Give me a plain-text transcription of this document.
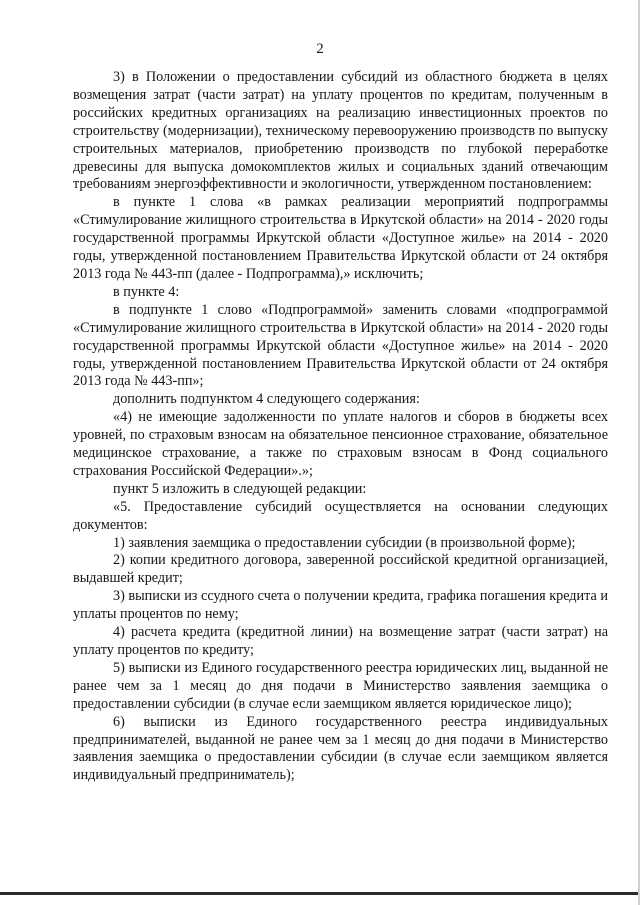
2

3) в Положении о предоставлении субсидий из областного бюджета в целях возмещения затрат (части затрат) на уплату процентов по кредитам, полученным в российских кредитных организациях на реализацию инвестиционных проектов по строительству (модернизации), техническому перевооружению производств по выпуску строительных материалов, приобретению производств по глубокой переработке древесины для выпуска домокомплектов жилых и социальных зданий отвечающим требованиям энергоэффективности и экологичности, утвержденном постановлением:

в пункте 1 слова «в рамках реализации мероприятий подпрограммы «Стимулирование жилищного строительства в Иркутской области» на 2014 - 2020 годы государственной программы Иркутской области «Доступное жилье» на 2014 - 2020 годы, утвержденной постановлением Правительства Иркутской области от 24 октября 2013 года № 443-пп (далее - Подпрограмма),» исключить;

в пункте 4:

в подпункте 1 слово «Подпрограммой» заменить словами «подпрограммой «Стимулирование жилищного строительства в Иркутской области» на 2014 - 2020 годы государственной программы Иркутской области «Доступное жилье» на 2014 - 2020 годы, утвержденной постановлением Правительства Иркутской области от 24 октября 2013 года № 443-пп»;

дополнить подпунктом 4 следующего содержания:

«4) не имеющие задолженности по уплате налогов и сборов в бюджеты всех уровней, по страховым взносам на обязательное пенсионное страхование, обязательное медицинское страхование, а также по страховым взносам в Фонд социального страхования Российской Федерации».»;

пункт 5 изложить в следующей редакции:

«5. Предоставление субсидий осуществляется на основании следующих документов:

1) заявления заемщика о предоставлении субсидии (в произвольной форме);

2) копии кредитного договора, заверенной российской кредитной организацией, выдавшей кредит;

3) выписки из ссудного счета о получении кредита, графика погашения кредита и уплаты процентов по нему;

4) расчета кредита (кредитной линии) на возмещение затрат (части затрат) на уплату процентов по кредиту;

5) выписки из Единого государственного реестра юридических лиц, выданной не ранее чем за 1 месяц до дня подачи в Министерство заявления заемщика о предоставлении субсидии (в случае если заемщиком является юридическое лицо);

6) выписки из Единого государственного реестра индивидуальных предпринимателей, выданной не ранее чем за 1 месяц до дня подачи в Министерство заявления заемщика о предоставлении субсидии (в случае если заемщиком является индивидуальный предприниматель);
